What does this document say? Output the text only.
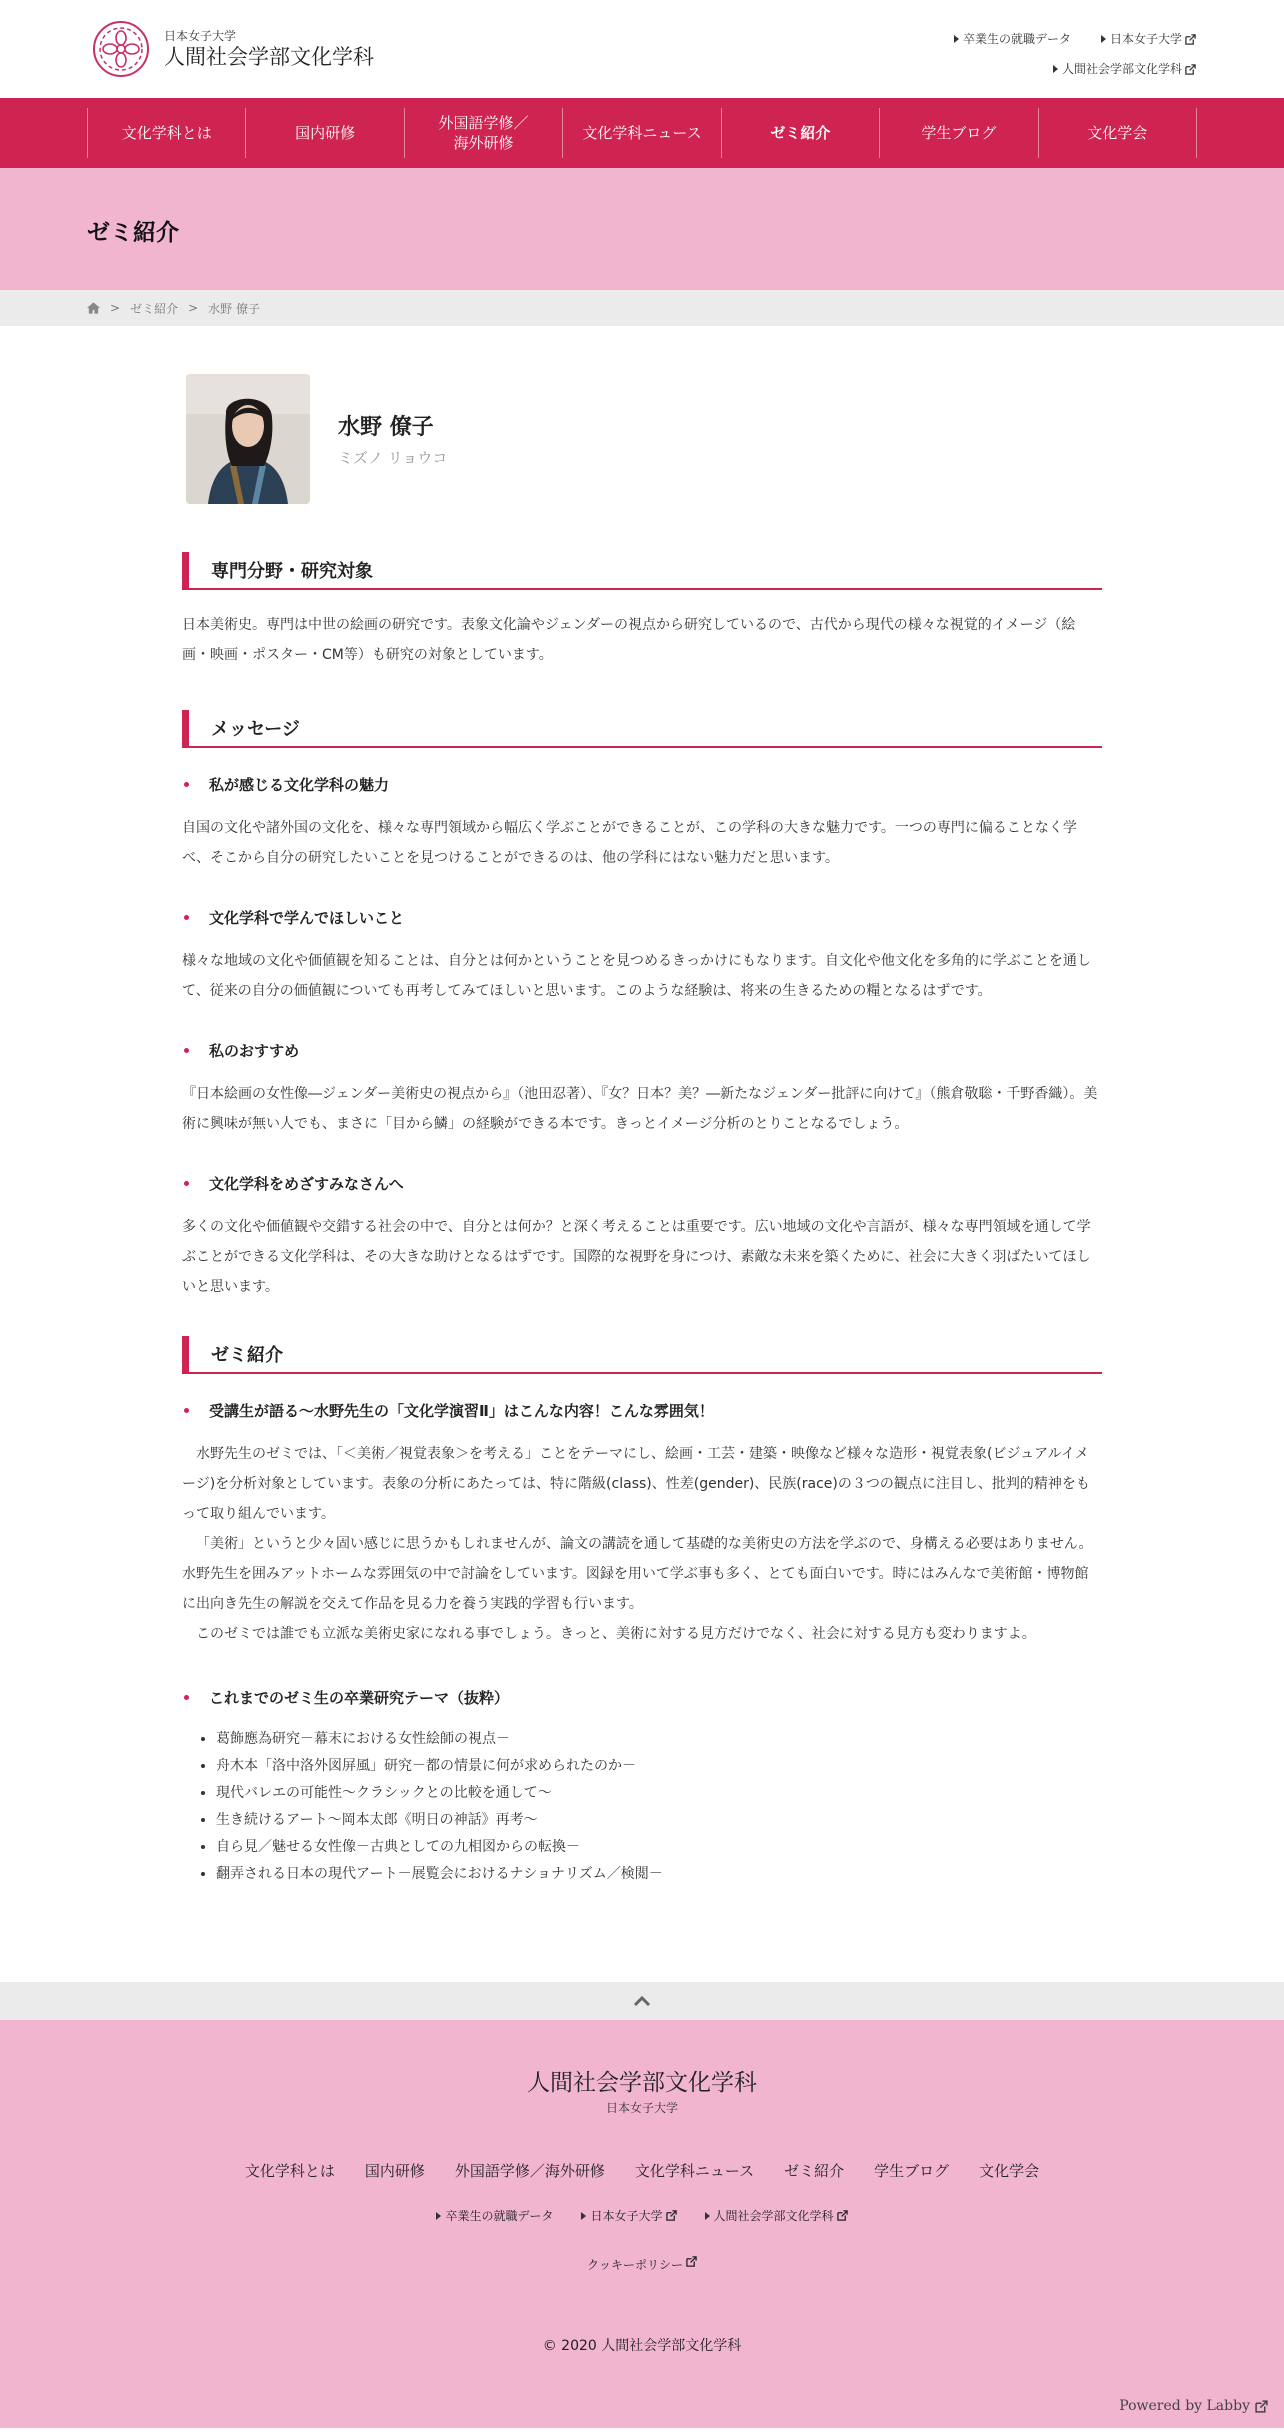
日本女子大学
人間社会学部文化学科
卒業生の就職データ	日本女子大学
人間社会学部文化学科
文化学科とは	国内研修
外国語学修／海外研修
文化学科ニュース	ゼミ紹介	学生ブログ	文化学会
ゼミ紹介
> ゼミ紹介 > 水野 僚子
水野 僚子
ミズノ リョウコ
専門分野・研究対象

日本美術史。専門は中世の絵画の研究です。表象文化論やジェンダーの視点から研究しているので、古代から現代の様々な視覚的イメージ（絵画・映画・ポスター・CM等）も研究の対象としています。

メッセージ
私が感じる文化学科の魅力

自国の文化や諸外国の文化を、様々な専門領域から幅広く学ぶことができることが、この学科の大きな魅力です。一つの専門に偏ることなく学べ、そこから自分の研究したいことを見つけることができるのは、他の学科にはない魅力だと思います。

文化学科で学んでほしいこと

様々な地域の文化や価値観を知ることは、自分とは何かということを見つめるきっかけにもなります。自文化や他文化を多角的に学ぶことを通して、従来の自分の価値観についても再考してみてほしいと思います。このような経験は、将来の生きるための糧となるはずです。

私のおすすめ

『日本絵画の女性像―ジェンダー美術史の視点から』（池田忍著）、『女？日本？美？―新たなジェンダー批評に向けて』（熊倉敬聡・千野香織）。美術に興味が無い人でも、まさに「目から鱗」の経験ができる本です。きっとイメージ分析のとりことなるでしょう。

文化学科をめざすみなさんへ

多くの文化や価値観や交錯する社会の中で、自分とは何か？と深く考えることは重要です。広い地域の文化や言語が、様々な専門領域を通して学ぶことができる文化学科は、その大きな助けとなるはずです。国際的な視野を身につけ、素敵な未来を築くために、社会に大きく羽ばたいてほしいと思います。

ゼミ紹介
受講生が語る～水野先生の「文化学演習Ⅱ」はこんな内容！こんな雰囲気！

水野先生のゼミでは、「＜美術／視覚表象＞を考える」ことをテーマにし、絵画・工芸・建築・映像など様々な造形・視覚表象(ビジュアルイメージ)を分析対象としています。表象の分析にあたっては、特に階級(class)、性差(gender)、民族(race)の３つの観点に注目し、批判的精神をもって取り組んでいます。

「美術」というと少々固い感じに思うかもしれませんが、論文の講読を通して基礎的な美術史の方法を学ぶので、身構える必要はありません。水野先生を囲みアットホームな雰囲気の中で討論をしています。図録を用いて学ぶ事も多く、とても面白いです。時にはみんなで美術館・博物館に出向き先生の解説を交えて作品を見る力を養う実践的学習も行います。

このゼミでは誰でも立派な美術史家になれる事でしょう。きっと、美術に対する見方だけでなく、社会に対する見方も変わりますよ。

これまでのゼミ生の卒業研究テーマ（抜粋）
• 葛飾應為研究－幕末における女性絵師の視点－
• 舟木本「洛中洛外図屏風」研究－都の情景に何が求められたのか－
• 現代バレエの可能性～クラシックとの比較を通して～
• 生き続けるアート～岡本太郎《明日の神話》再考～
• 自ら見／魅せる女性像－古典としての九相図からの転換－
• 翻弄される日本の現代アート－展覧会におけるナショナリズム／検閲－
人間社会学部文化学科
日本女子大学
文化学科とは 国内研修 外国語学修／海外研修 文化学科ニュース ゼミ紹介 学生ブログ 文化学会
卒業生の就職データ	日本女子大学	人間社会学部文化学科
クッキーポリシー
© 2020 人間社会学部文化学科
Powered by Labby
